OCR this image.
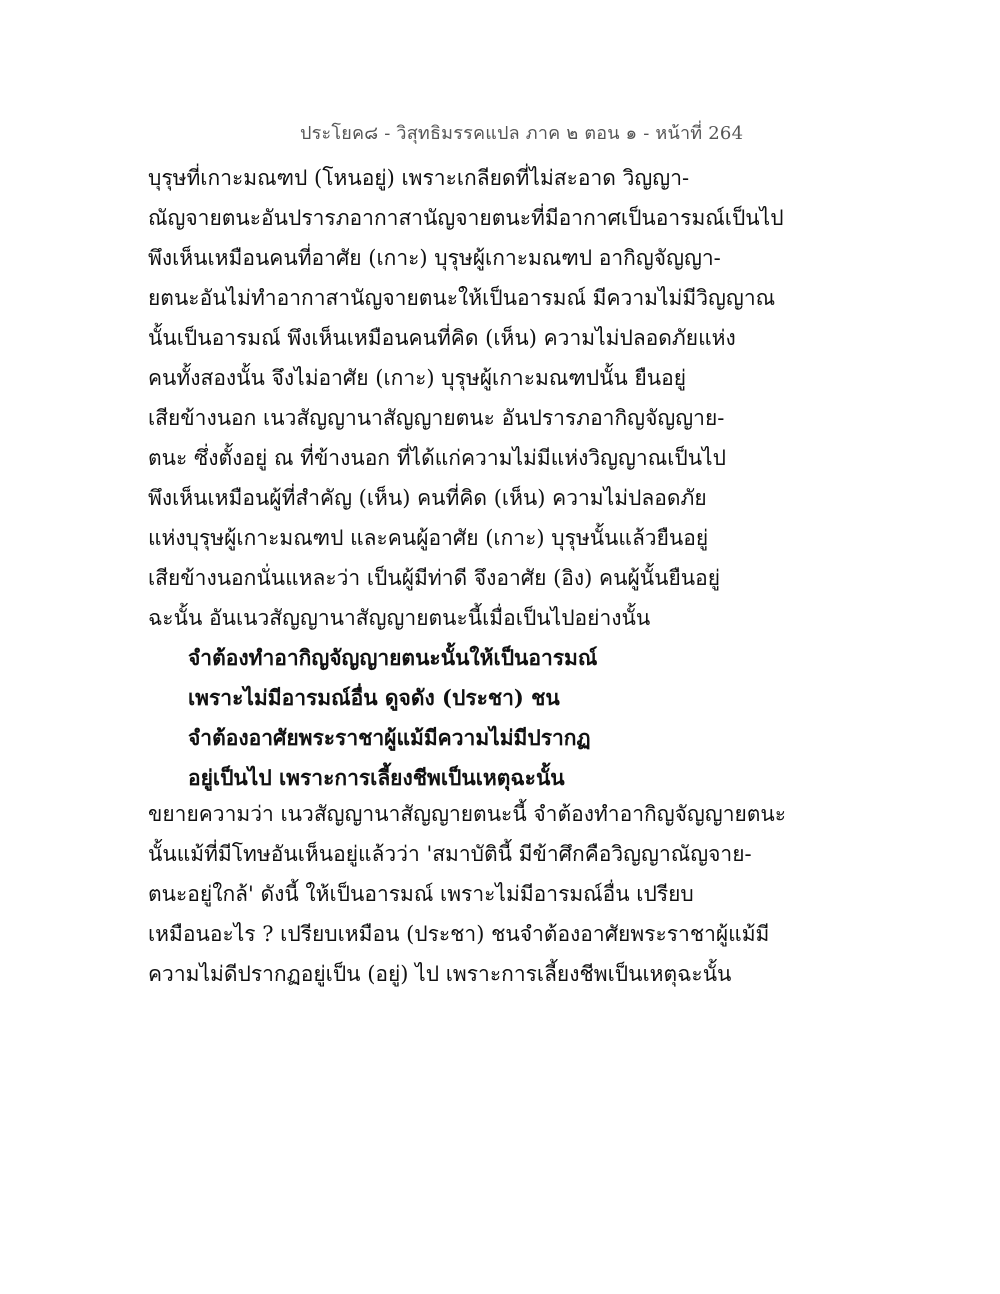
ประโยค๘ - วิสุทธิมรรคแปล ภาค ๒ ตอน ๑ - หน้าที่ 264
บุรุษที่เกาะมณฑป (โหนอยู่) เพราะเกลียดที่ไม่สะอาด วิญญา-
ณัญจายตนะอันปรารภอากาสานัญจายตนะที่มีอากาศเป็นอารมณ์เป็นไป
พึงเห็นเหมือนคนที่อาศัย (เกาะ) บุรุษผู้เกาะมณฑป อากิญจัญญา-
ยตนะอันไม่ทำอากาสานัญจายตนะให้เป็นอารมณ์ มีความไม่มีวิญญาณ
นั้นเป็นอารมณ์ พึงเห็นเหมือนคนที่คิด (เห็น) ความไม่ปลอดภัยแห่ง
คนทั้งสองนั้น จึงไม่อาศัย (เกาะ) บุรุษผู้เกาะมณฑปนั้น ยืนอยู่
เสียข้างนอก เนวสัญญานาสัญญายตนะ อันปรารภอากิญจัญญาย-
ตนะ ซึ่งตั้งอยู่ ณ ที่ข้างนอก ที่ได้แก่ความไม่มีแห่งวิญญาณเป็นไป
พึงเห็นเหมือนผู้ที่สำคัญ (เห็น) คนที่คิด (เห็น) ความไม่ปลอดภัย
แห่งบุรุษผู้เกาะมณฑป และคนผู้อาศัย (เกาะ) บุรุษนั้นแล้วยืนอยู่
เสียข้างนอกนั่นแหละว่า เป็นผู้มีท่าดี จึงอาศัย (อิง) คนผู้นั้นยืนอยู่
ฉะนั้น อันเนวสัญญานาสัญญายตนะนี้เมื่อเป็นไปอย่างนั้น
จำต้องทำอากิญจัญญายตนะนั้นให้เป็นอารมณ์
เพราะไม่มีอารมณ์อื่น ดูจดัง (ประชา) ชน
จำต้องอาศัยพระราชาผู้แม้มีความไม่มีปรากฏ
อยู่เป็นไป เพราะการเลี้ยงชีพเป็นเหตุฉะนั้น
ขยายความว่า เนวสัญญานาสัญญายตนะนี้ จำต้องทำอากิญจัญญายตนะ
นั้นแม้ที่มีโทษอันเห็นอยู่แล้วว่า 'สมาบัตินี้ มีข้าศึกคือวิญญาณัญจาย-
ตนะอยู่ใกล้' ดังนี้ ให้เป็นอารมณ์ เพราะไม่มีอารมณ์อื่น เปรียบ
เหมือนอะไร ? เปรียบเหมือน (ประชา) ชนจำต้องอาศัยพระราชาผู้แม้มี
ความไม่ดีปรากฏอยู่เป็น (อยู่) ไป เพราะการเลี้ยงชีพเป็นเหตุฉะนั้น
